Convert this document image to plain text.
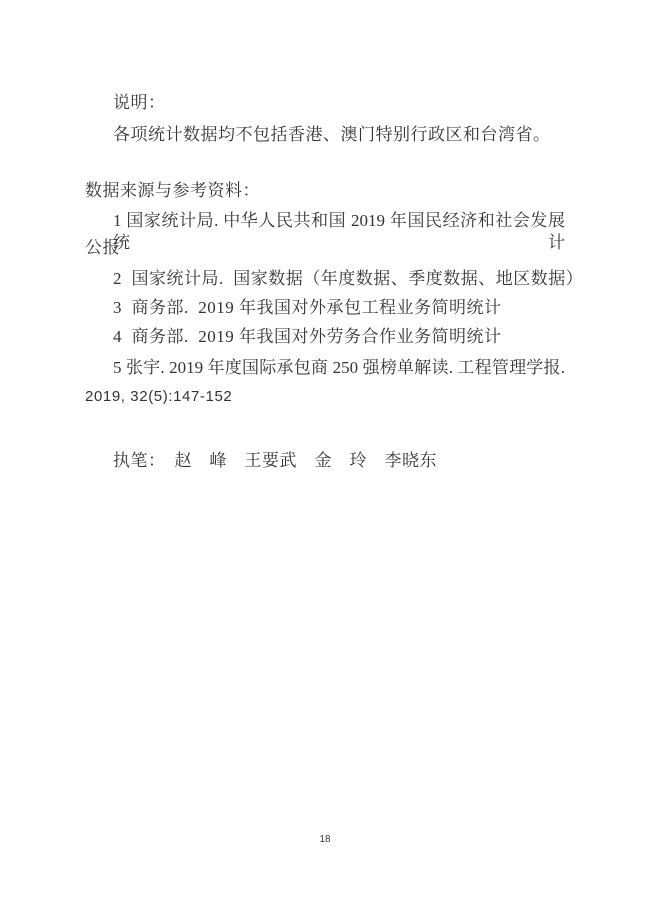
说明：
各项统计数据均不包括香港、澳门特别行政区和台湾省。
数据来源与参考资料：
1 国家统计局. 中华人民共和国 2019 年国民经济和社会发展统计
公报
2  国家统计局.  国家数据（年度数据、季度数据、地区数据）
3  商务部.  2019 年我国对外承包工程业务简明统计
4  商务部.  2019 年我国对外劳务合作业务简明统计
5 张宇. 2019 年度国际承包商 250 强榜单解读. 工程管理学报.
2019, 32(5):147-152
执笔：　赵　峰　王要武　金　玲　李晓东
18
